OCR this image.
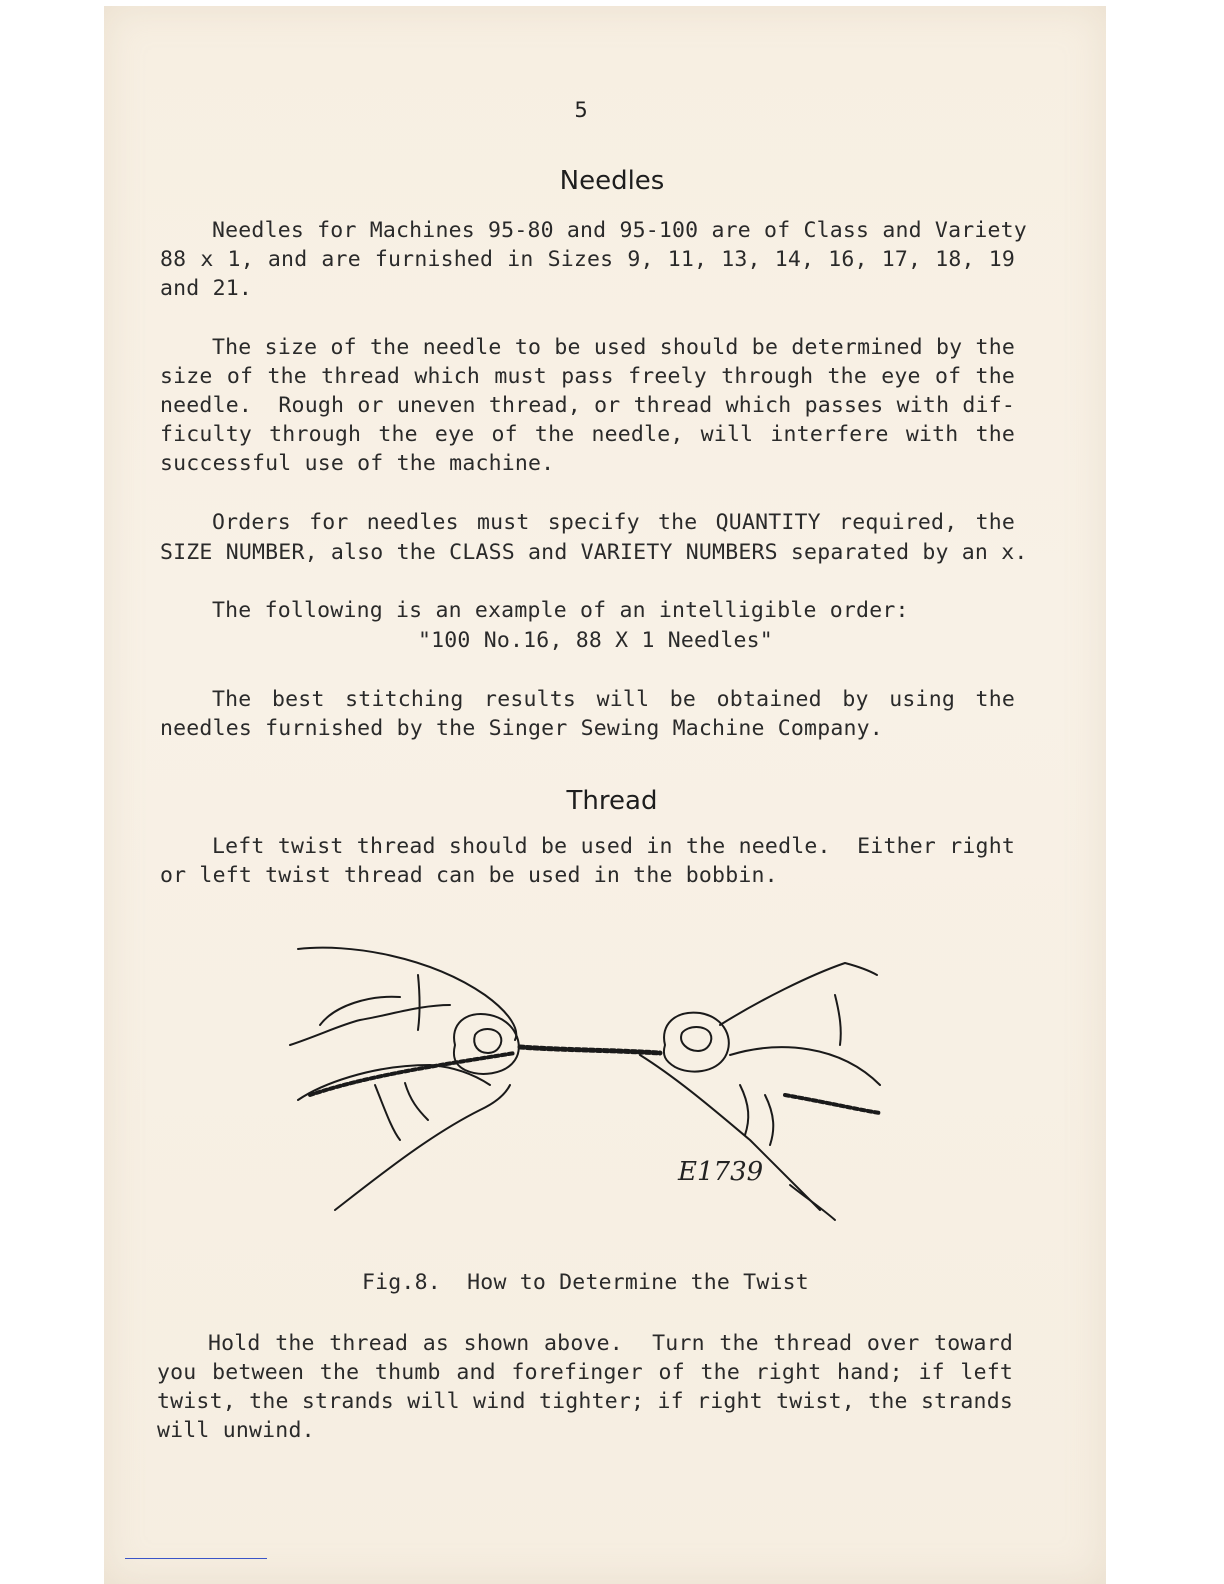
5
Needles
Needles for Machines 95-80 and 95-100 are of Class and Variety
88 x 1, and are furnished in Sizes 9, 11, 13, 14, 16, 17, 18, 19
and 21.
The size of the needle to be used should be determined by the
size of the thread which must pass freely through the eye of the
needle.  Rough or uneven thread, or thread which passes with dif-
ficulty through the eye of the needle, will interfere with the
successful use of the machine.
Orders for needles must specify the QUANTITY required, the
SIZE NUMBER, also the CLASS and VARIETY NUMBERS separated by an x.
The following is an example of an intelligible order:
"100 No.16, 88 X 1 Needles"
The best stitching results will be obtained by using the
needles furnished by the Singer Sewing Machine Company.
Thread
Left twist thread should be used in the needle.  Either right
or left twist thread can be used in the bobbin.
E1739
Fig.8.  How to Determine the Twist
Hold the thread as shown above.  Turn the thread over toward
you between the thumb and forefinger of the right hand; if left
twist, the strands will wind tighter; if right twist, the strands
will unwind.
